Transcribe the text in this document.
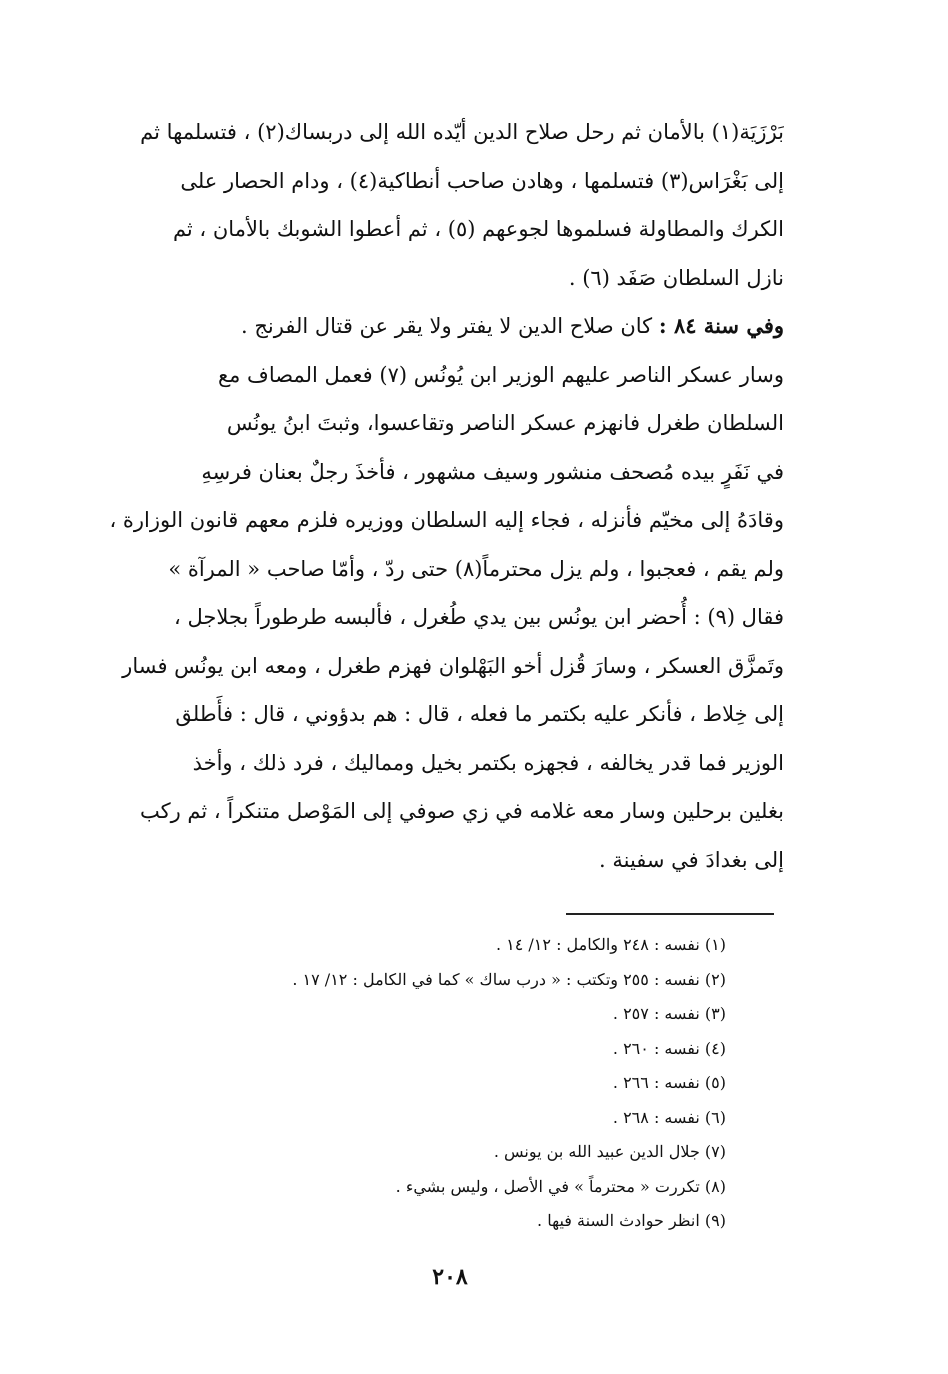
بَرْزَيَة(١) بالأمان ثم رحل صلاح الدين أيّده الله إلى دربساك(٢) ، فتسلمها ثم
إلى بَغْرَاس(٣) فتسلمها ، وهادن صاحب أنطاكية(٤) ، ودام الحصار على
الكرك والمطاولة فسلموها لجوعهم (٥) ، ثم أعطوا الشوبك بالأمان ، ثم
نازل السلطان صَفَد (٦) .
وفي سنة ٨٤ : كان صلاح الدين لا يفتر ولا يقر عن قتال الفرنج .
وسار عسكر الناصر عليهم الوزير ابن يُونُس (٧) فعمل المصاف مع
السلطان طغرل فانهزم عسكر الناصر وتقاعسوا، وثبتَ ابنُ يونُس
في نَفَرٍ بيده مُصحف منشور وسيف مشهور ، فأخذَ رجلٌ بعنان فرسِهِ
وقادَهُ إلى مخيّم فأنزله ، فجاء إليه السلطان ووزيره فلزم معهم قانون الوزارة ،
ولم يقم ، فعجبوا ، ولم يزل محترماً(٨) حتى ردّ ، وأمّا صاحب « المرآة »
فقال (٩) : أُحضر ابن يونُس بين يدي طُغرل ، فألبسه طرطوراً بجلاجل ،
وتَمزَّق العسكر ، وسارَ قُزل أخو البَهْلوان فهزم طغرل ، ومعه ابن يونُس فسار
إلى خِلاط ، فأنكر عليه بكتمر ما فعله ، قال : هم بدؤوني ، قال : فأَطلق
الوزير فما قدر يخالفه ، فجهزه بكتمر بخيل ومماليك ، فرد ذلك ، وأخذ
بغلين برحلين وسار معه غلامه في زي صوفي إلى المَوْصل متنكراً ، ثم ركب
إلى بغدادَ في سفينة .
(١) نفسه : ٢٤٨ والكامل : ١٢/ ١٤ .
(٢) نفسه : ٢٥٥ وتكتب : « درب ساك » كما في الكامل : ١٢/ ١٧ .
(٣) نفسه : ٢٥٧ .
(٤) نفسه : ٢٦٠ .
(٥) نفسه : ٢٦٦ .
(٦) نفسه : ٢٦٨ .
(٧) جلال الدين عبيد الله بن يونس .
(٨) تكررت « محترماً » في الأصل ، وليس بشيء .
(٩) انظر حوادث السنة فيها .
٢٠٨
